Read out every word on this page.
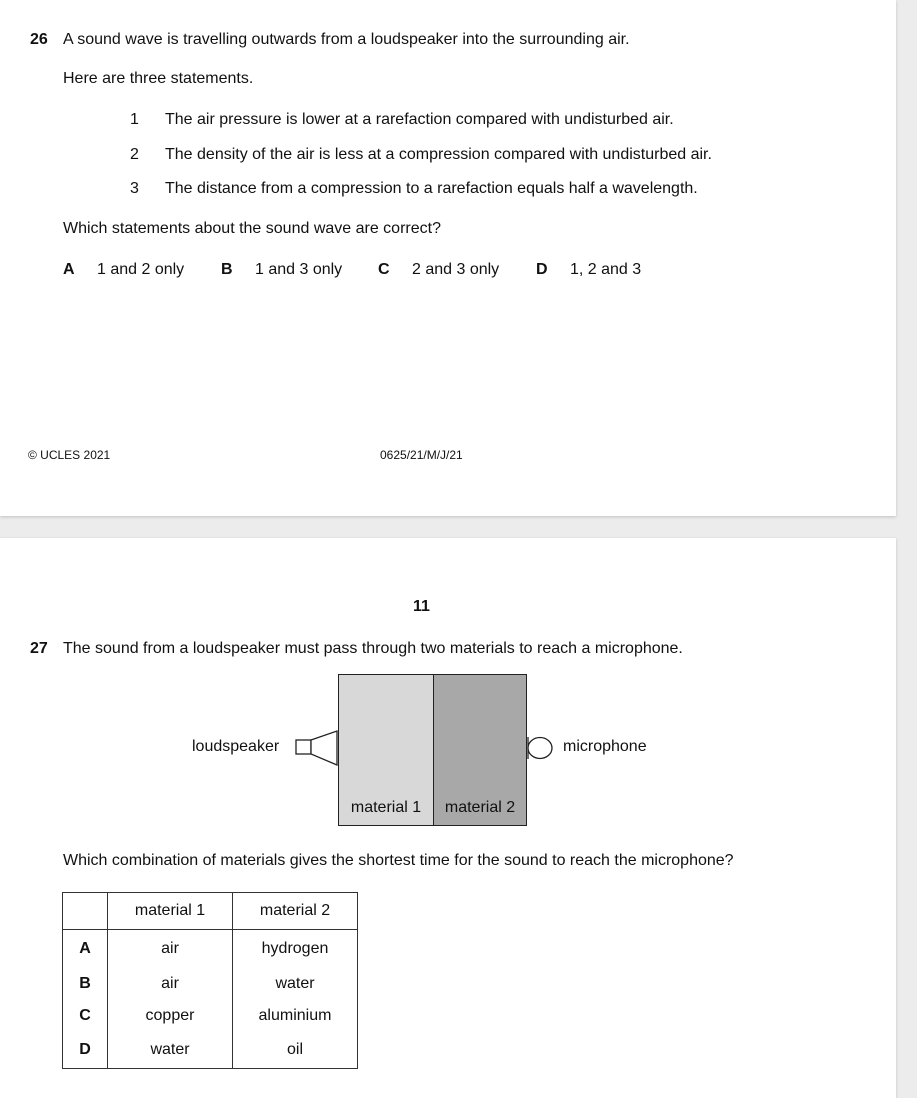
26 A sound wave is travelling outwards from a loudspeaker into the surrounding air.
Here are three statements.
1 The air pressure is lower at a rarefaction compared with undisturbed air.
2 The density of the air is less at a compression compared with undisturbed air.
3 The distance from a compression to a rarefaction equals half a wavelength.
Which statements about the sound wave are correct?
A 1 and 2 only B 1 and 3 only C 2 and 3 only D 1, 2 and 3
© UCLES 2021	0625/21/M/J/21
11
27 The sound from a loudspeaker must pass through two materials to reach a microphone.
loudspeaker
material 1	material 2
microphone
Which combination of materials gives the shortest time for the sound to reach the microphone?
	material 1	material 2
A	air	hydrogen
B	air	water
C	copper	aluminium
D	water	oil
